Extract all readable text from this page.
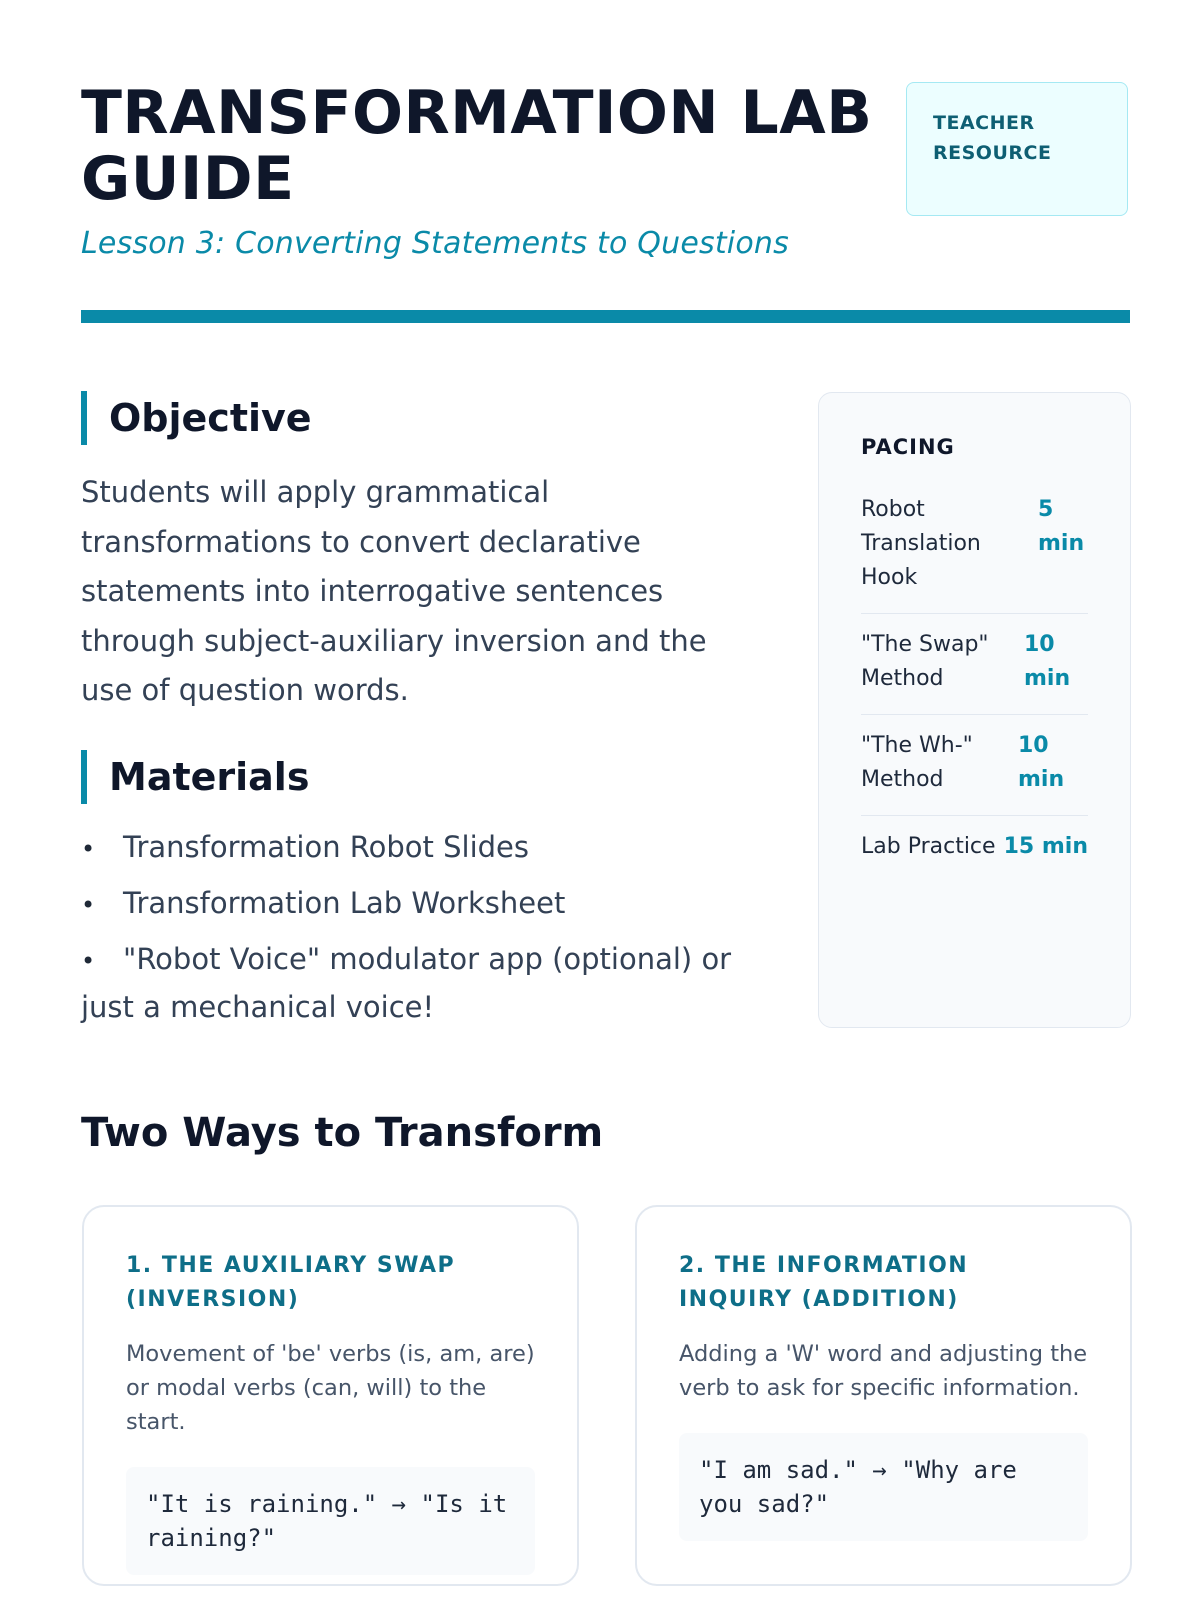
TRANSFORMATION LAB GUIDE
Lesson 3: Converting Statements to Questions
TEACHER
RESOURCE
Objective

Students will apply grammatical transformations to convert declarative statements into interrogative sentences through subject-auxiliary inversion and the use of question words.

Materials
• Transformation Robot Slides
• Transformation Lab Worksheet
• "Robot Voice" modulator app (optional) or just a mechanical voice!
PACING
Robot Translation Hook
5 min
"The Swap" Method
10 min
"The Wh-" Method
10 min
Lab Practice 15 min
Two Ways to Transform
1. THE AUXILIARY SWAP (INVERSION)

Movement of 'be' verbs (is, am, are) or modal verbs (can, will) to the start.

"It is raining." → "Is it raining?"
2. THE INFORMATION INQUIRY (ADDITION)

Adding a 'W' word and adjusting the verb to ask for specific information.

"I am sad." → "Why are you sad?"
